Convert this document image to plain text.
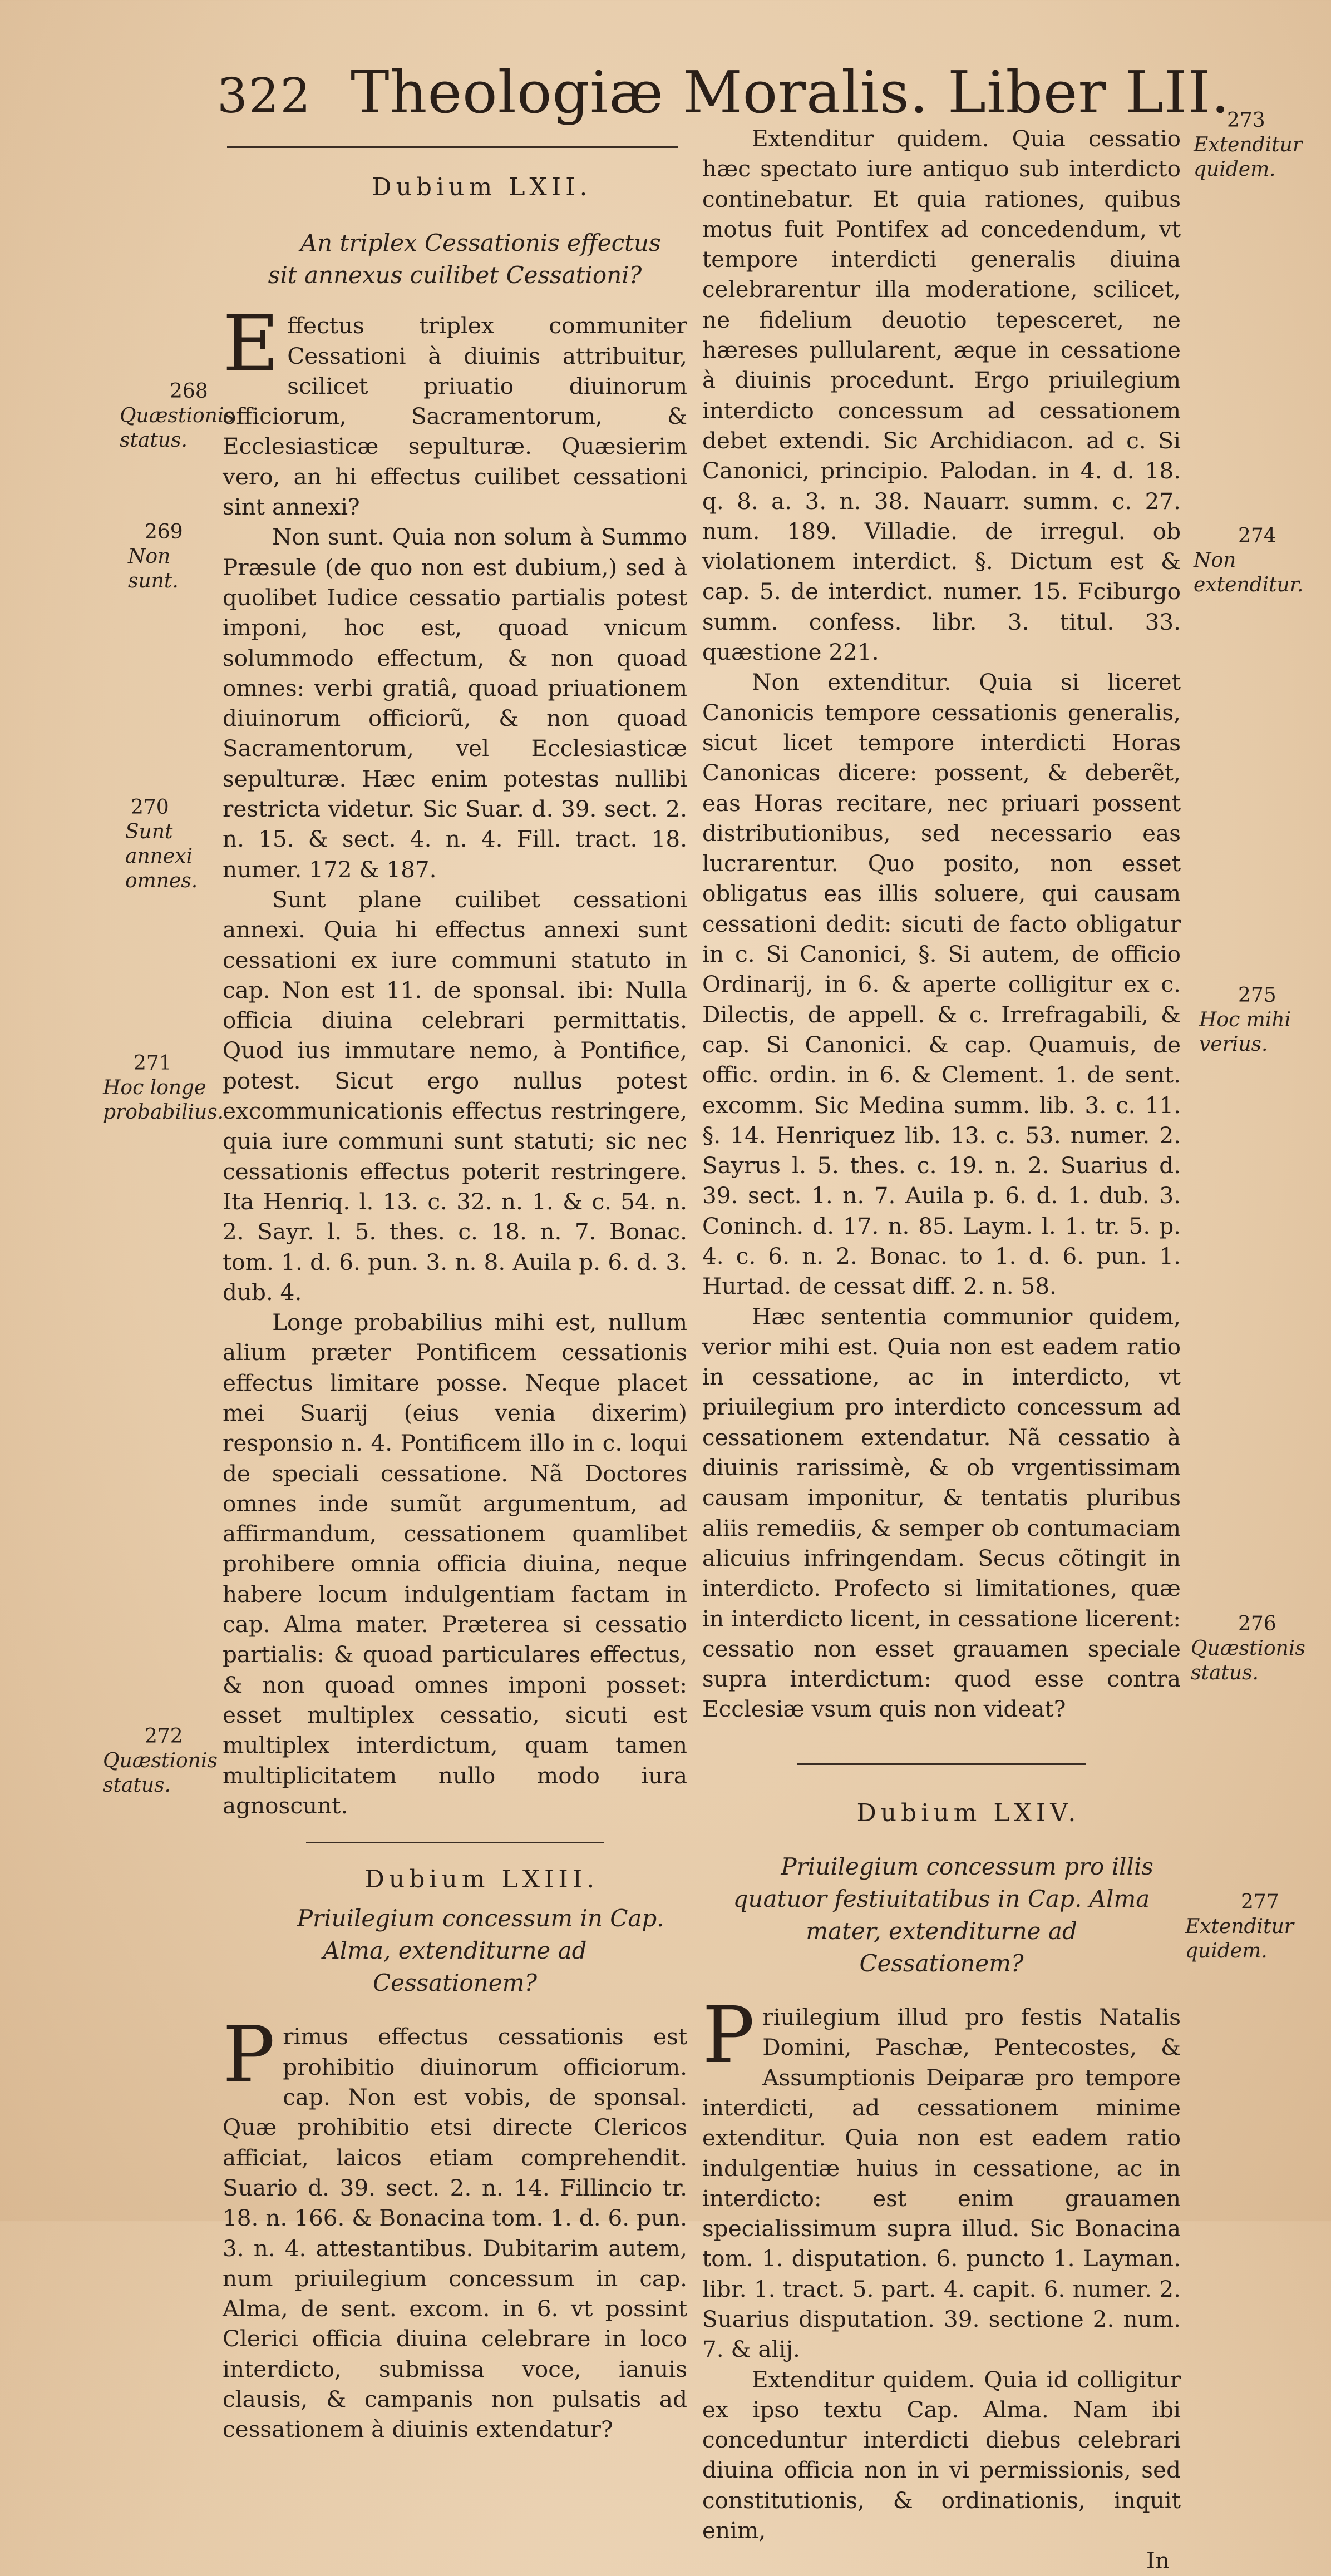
322 Theologiæ Moralis. Liber LII.

Dubium LXII.

An triplex Cessationis effectus sit annexus cuilibet Cessationi?

Effectus triplex communiter Cessationi à diuinis attribuitur, scilicet priuatio diuinorum officiorum, Sacramentorum, & Ecclesiasticæ sepulturæ. Quæsierim vero, an hi effectus cuilibet cessationi sint annexi?

Non sunt. Quia non solum à Summo Præsule (de quo non est dubium,) sed à quolibet Iudice cessatio partialis potest imponi, hoc est, quoad vnicum solummodo effectum, & non quoad omnes: verbi gratiâ, quoad priuationem diuinorum officiorũ, & non quoad Sacramentorum, vel Ecclesiasticæ sepulturæ. Hæc enim potestas nullibi restricta videtur. Sic Suar. d. 39. sect. 2. n. 15. & sect. 4. n. 4. Fill. tract. 18. numer. 172 & 187.

Sunt plane cuilibet cessationi annexi. Quia hi effectus annexi sunt cessationi ex iure communi statuto in cap. Non est 11. de sponsal. ibi: Nulla officia diuina celebrari permittatis. Quod ius immutare nemo, à Pontifice, potest. Sicut ergo nullus potest excommunicationis effectus restringere, quia iure communi sunt statuti; sic nec cessationis effectus poterit restringere. Ita Henriq. l. 13. c. 32. n. 1. & c. 54. n. 2. Sayr. l. 5. thes. c. 18. n. 7. Bonac. tom. 1. d. 6. pun. 3. n. 8. Auila p. 6. d. 3. dub. 4.

Longe probabilius mihi est, nullum alium præter Pontificem cessationis effectus limitare posse. Neque placet mei Suarij (eius venia dixerim) responsio n. 4. Pontificem illo in c. loqui de speciali cessatione. Nã Doctores omnes inde sumũt argumentum, ad affirmandum, cessationem quamlibet prohibere omnia officia diuina, neque habere locum indulgentiam factam in cap. Alma mater. Præterea si cessatio partialis: & quoad particulares effectus, & non quoad omnes imponi posset: esset multiplex cessatio, sicuti est multiplex interdictum, quam tamen multiplicitatem nullo modo iura agnoscunt.

Dubium LXIII.

Priuilegium concessum in Cap. Alma, extenditurne ad Cessationem?

Primus effectus cessationis est prohibitio diuinorum officiorum. cap. Non est vobis, de sponsal. Quæ prohibitio etsi directe Clericos afficiat, laicos etiam comprehendit. Suario d. 39. sect. 2. n. 14. Fillincio tr. 18. n. 166. & Bonacina tom. 1. d. 6. pun. 3. n. 4. attestantibus. Dubitarim autem, num priuilegium concessum in cap. Alma, de sent. excom. in 6. vt possint Clerici officia diuina celebrare in loco interdicto, submissa voce, ianuis clausis, & campanis non pulsatis ad cessationem à diuinis extendatur?

Extenditur quidem. Quia cessatio hæc spectato iure antiquo sub interdicto continebatur. Et quia rationes, quibus motus fuit Pontifex ad concedendum, vt tempore interdicti generalis diuina celebrarentur illa moderatione, scilicet, ne fidelium deuotio tepesceret, ne hæreses pullularent, æque in cessatione à diuinis procedunt. Ergo priuilegium interdicto concessum ad cessationem debet extendi. Sic Archidiacon. ad c. Si Canonici, principio. Palodan. in 4. d. 18. q. 8. a. 3. n. 38. Nauarr. summ. c. 27. num. 189. Villadie. de irregul. ob violationem interdict. §. Dictum est & cap. 5. de interdict. numer. 15. Fciburgo summ. confess. libr. 3. titul. 33. quæstione 221.

Non extenditur. Quia si liceret Canonicis tempore cessationis generalis, sicut licet tempore interdicti Horas Canonicas dicere: possent, & deberẽt, eas Horas recitare, nec priuari possent distributionibus, sed necessario eas lucrarentur. Quo posito, non esset obligatus eas illis soluere, qui causam cessationi dedit: sicuti de facto obligatur in c. Si Canonici, §. Si autem, de officio Ordinarij, in 6. & aperte colligitur ex c. Dilectis, de appell. & c. Irrefragabili, & cap. Si Canonici. & cap. Quamuis, de offic. ordin. in 6. & Clement. 1. de sent. excomm. Sic Medina summ. lib. 3. c. 11. §. 14. Henriquez lib. 13. c. 53. numer. 2. Sayrus l. 5. thes. c. 19. n. 2. Suarius d. 39. sect. 1. n. 7. Auila p. 6. d. 1. dub. 3. Coninch. d. 17. n. 85. Laym. l. 1. tr. 5. p. 4. c. 6. n. 2. Bonac. to 1. d. 6. pun. 1. Hurtad. de cessat diff. 2. n. 58.

Hæc sententia communior quidem, verior mihi est. Quia non est eadem ratio in cessatione, ac in interdicto, vt priuilegium pro interdicto concessum ad cessationem extendatur. Nã cessatio à diuinis rarissimè, & ob vrgentissimam causam imponitur, & tentatis pluribus aliis remediis, & semper ob contumaciam alicuius infringendam. Secus cõtingit in interdicto. Profecto si limitationes, quæ in interdicto licent, in cessatione licerent: cessatio non esset grauamen speciale supra interdictum: quod esse contra Ecclesiæ vsum quis non videat?

Dubium LXIV.

Priuilegium concessum pro illis quatuor festiuitatibus in Cap. Alma mater, extenditurne ad Cessationem?

Priuilegium illud pro festis Natalis Domini, Paschæ, Pentecostes, & Assumptionis Deiparæ pro tempore interdicti, ad cessationem minime extenditur. Quia non est eadem ratio indulgentiæ huius in cessatione, ac in interdicto: est enim grauamen specialissimum supra illud. Sic Bonacina tom. 1. disputation. 6. puncto 1. Layman. libr. 1. tract. 5. part. 4. capit. 6. numer. 2. Suarius disputation. 39. sectione 2. num. 7. & alij.

Extenditur quidem. Quia id colligitur ex ipso textu Cap. Alma. Nam ibi conceduntur interdicti diebus celebrari diuina officia non in vi permissionis, sed constitutionis, & ordinationis, inquit enim,

In

273
Extenditur quidem.
268
Quæstionis status.
269
Non sunt.
274
Non extenditur.
270
Sunt annexi omnes.
275
Hoc mihi verius.
271
Hoc longe probabilius.
276
Quæstionis status.
272
Quæstionis status.
277
Extenditur quidem.
